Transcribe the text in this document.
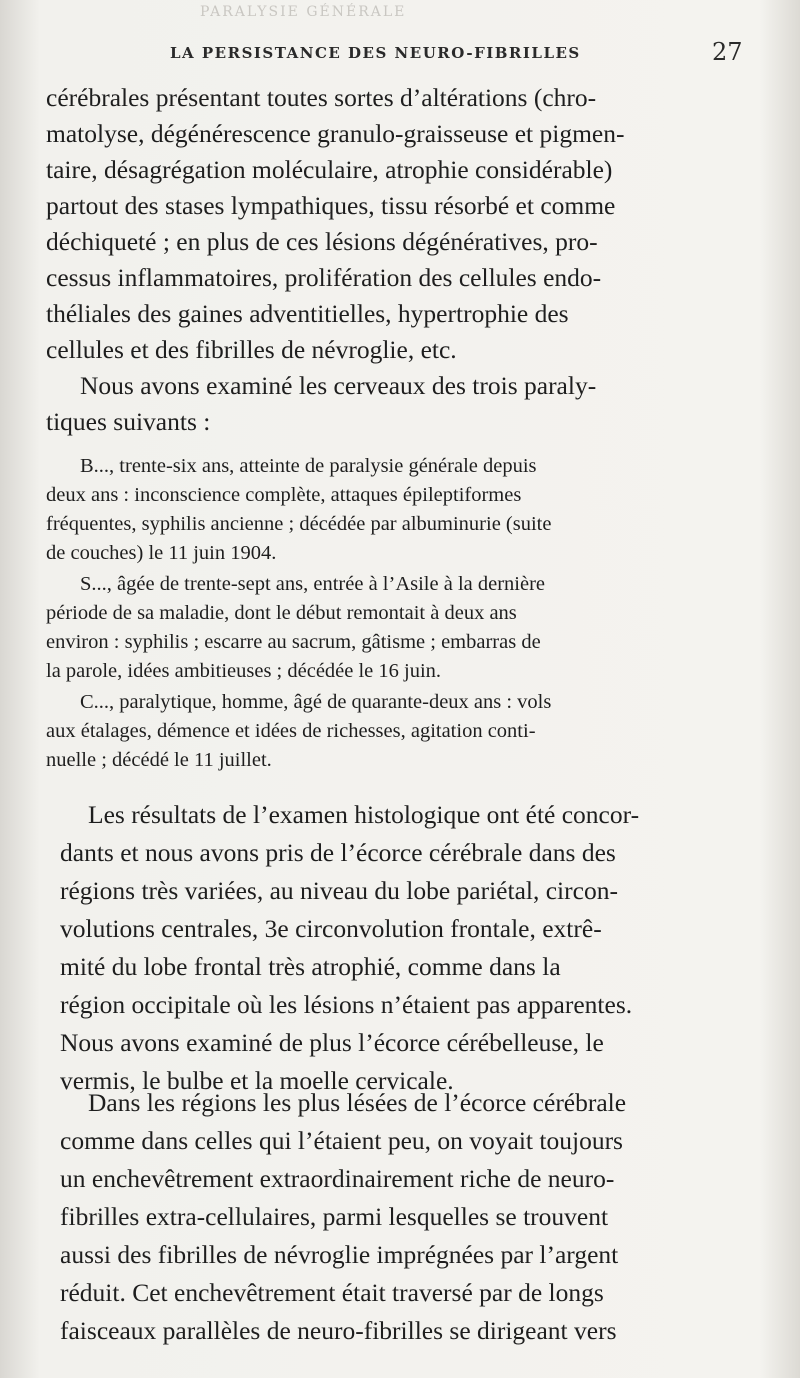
PARALYSIE GÉNÉRALE
LA PERSISTANCE DES NEURO-FIBRILLES	27
cérébrales présentant toutes sortes d’altérations (chro-
matolyse, dégénérescence granulo-graisseuse et pigmen-
taire, désagrégation moléculaire, atrophie considérable)
partout des stases lympathiques, tissu résorbé et comme
déchiqueté ; en plus de ces lésions dégénératives, pro-
cessus inflammatoires, prolifération des cellules endo-
théliales des gaines adventitielles, hypertrophie des
cellules et des fibrilles de névroglie, etc.
Nous avons examiné les cerveaux des trois paraly-
tiques suivants :
B..., trente-six ans, atteinte de paralysie générale depuis
deux ans : inconscience complète, attaques épileptiformes
fréquentes, syphilis ancienne ; décédée par albuminurie (suite
de couches) le 11 juin 1904.
S..., âgée de trente-sept ans, entrée à l’Asile à la dernière
période de sa maladie, dont le début remontait à deux ans
environ : syphilis ; escarre au sacrum, gâtisme ; embarras de
la parole, idées ambitieuses ; décédée le 16 juin.
C..., paralytique, homme, âgé de quarante-deux ans : vols
aux étalages, démence et idées de richesses, agitation conti-
nuelle ; décédé le 11 juillet.
Les résultats de l’examen histologique ont été concor-
dants et nous avons pris de l’écorce cérébrale dans des
régions très variées, au niveau du lobe pariétal, circon-
volutions centrales, 3e circonvolution frontale, extrê-
mité du lobe frontal très atrophié, comme dans la
région occipitale où les lésions n’étaient pas apparentes.
Nous avons examiné de plus l’écorce cérébelleuse, le
vermis, le bulbe et la moelle cervicale.
Dans les régions les plus lésées de l’écorce cérébrale
comme dans celles qui l’étaient peu, on voyait toujours
un enchevêtrement extraordinairement riche de neuro-
fibrilles extra-cellulaires, parmi lesquelles se trouvent
aussi des fibrilles de névroglie imprégnées par l’argent
réduit. Cet enchevêtrement était traversé par de longs
faisceaux parallèles de neuro-fibrilles se dirigeant vers
